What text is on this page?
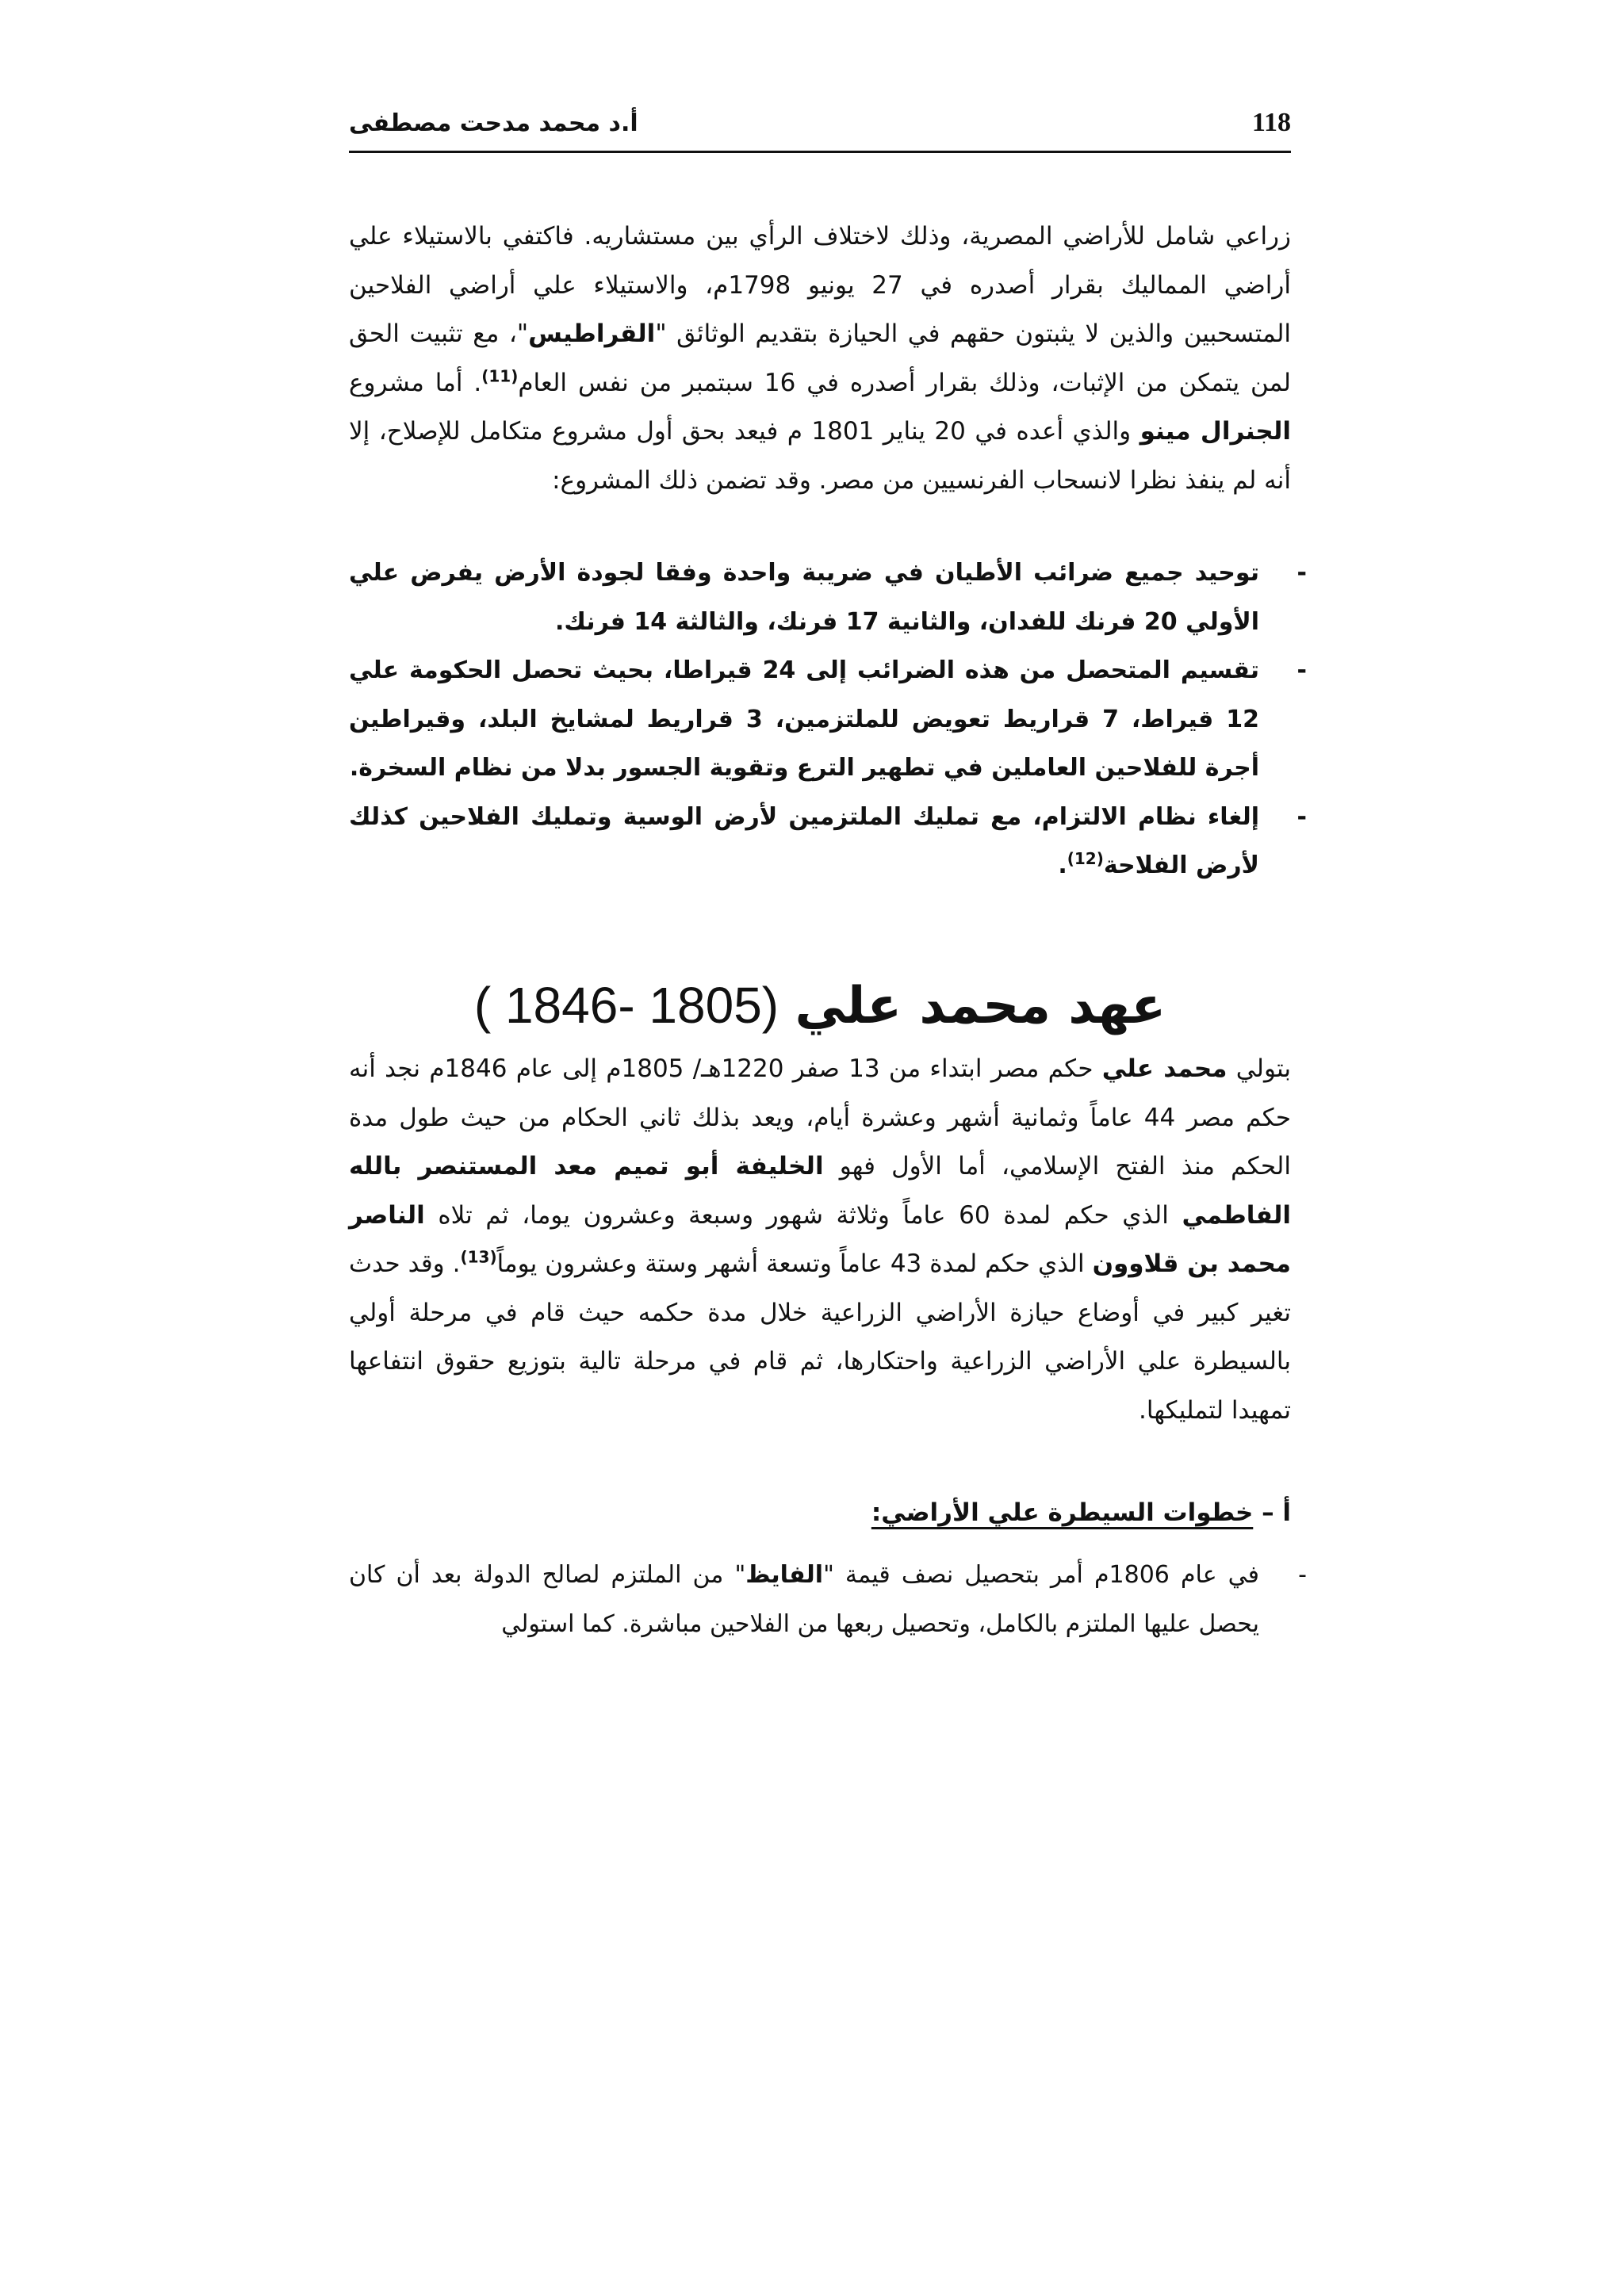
118
أ.د محمد مدحت مصطفى
زراعي شامل للأراضي المصرية، وذلك لاختلاف الرأي بين مستشاريه. فاكتفي بالاستيلاء علي أراضي المماليك بقرار أصدره في 27 يونيو 1798م، والاستيلاء علي أراضي الفلاحين المتسحبين والذين لا يثبتون حقهم في الحيازة بتقديم الوثائق "القراطيس"، مع تثبيت الحق لمن يتمكن من الإثبات، وذلك بقرار أصدره في 16 سبتمبر من نفس العام$^{(11)}$. أما مشروع الجنرال مينو والذي أعده في 20 يناير 1801 م فيعد بحق أول مشروع متكامل للإصلاح، إلا أنه لم ينفذ نظرا لانسحاب الفرنسيين من مصر. وقد تضمن ذلك المشروع:
-
توحيد جميع ضرائب الأطيان في ضريبة واحدة وفقا لجودة الأرض يفرض علي الأولي 20 فرنك للفدان، والثانية 17 فرنك، والثالثة 14 فرنك.
-
تقسيم المتحصل من هذه الضرائب إلى 24 قيراطا، بحيث تحصل الحكومة علي 12 قيراط، 7 قراريط تعويض للملتزمين، 3 قراريط لمشايخ البلد، وقيراطين أجرة للفلاحين العاملين في تطهير الترع وتقوية الجسور بدلا من نظام السخرة.
-
إلغاء نظام الالتزام، مع تمليك الملتزمين لأرض الوسية وتمليك الفلاحين كذلك لأرض الفلاحة$^{(12)}$.
عهد محمد علي (1805 -1846 )
بتولي محمد علي حكم مصر ابتداء من 13 صفر 1220هـ/ 1805م إلى عام 1846م نجد أنه حكم مصر 44 عاماً وثمانية أشهر وعشرة أيام، ويعد بذلك ثاني الحكام من حيث طول مدة الحكم منذ الفتح الإسلامي، أما الأول فهو الخليفة أبو تميم معد المستنصر بالله الفاطمي الذي حكم لمدة 60 عاماً وثلاثة شهور وسبعة وعشرون يوما، ثم تلاه الناصر محمد بن قلاوون الذي حكم لمدة 43 عاماً وتسعة أشهر وستة وعشرون يوماً$^{(13)}$. وقد حدث تغير كبير في أوضاع حيازة الأراضي الزراعية خلال مدة حكمه حيث قام في مرحلة أولي بالسيطرة علي الأراضي الزراعية واحتكارها، ثم قام في مرحلة تالية بتوزيع حقوق انتفاعها تمهيدا لتمليكها.
أ – خطوات السيطرة علي الأراضي:
-
في عام 1806م أمر بتحصيل نصف قيمة "الفايظ" من الملتزم لصالح الدولة بعد أن كان يحصل عليها الملتزم بالكامل، وتحصيل ربعها من الفلاحين مباشرة. كما استولي
